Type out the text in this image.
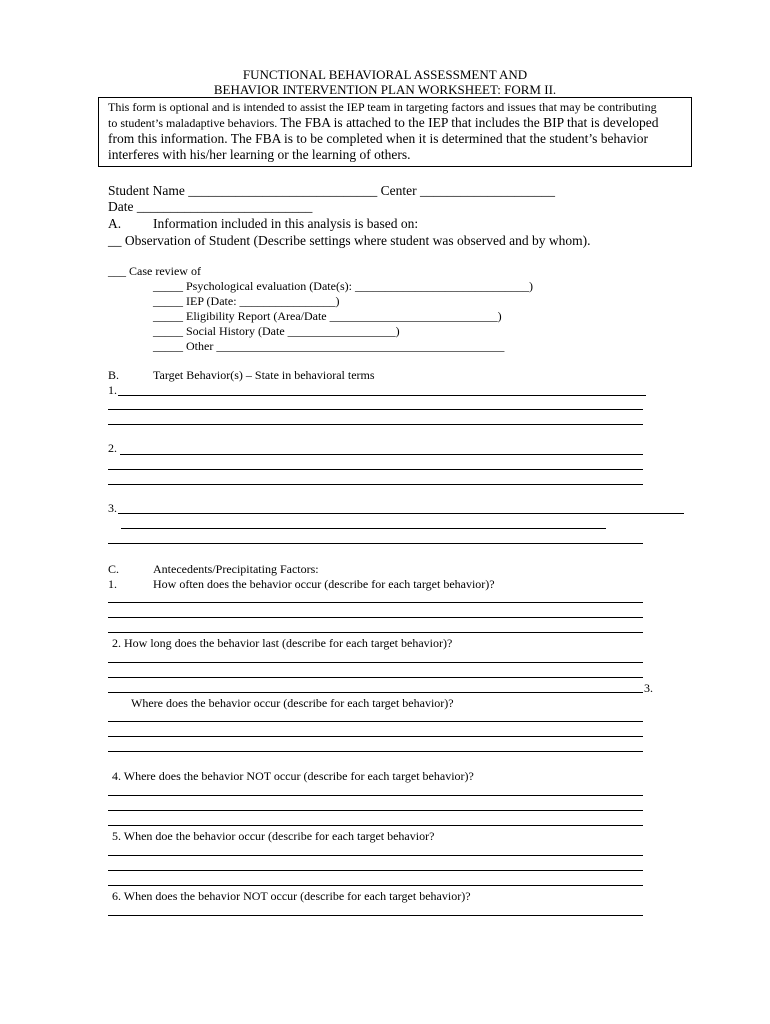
FUNCTIONAL BEHAVIORAL ASSESSMENT AND
BEHAVIOR INTERVENTION PLAN WORKSHEET: FORM II.
This form is optional and is intended to assist the IEP team in targeting factors and issues that may be contributing
to student’s maladaptive behaviors. The FBA is attached to the IEP that includes the BIP that is developed
from this information. The FBA is to be completed when it is determined that the student’s behavior
interferes with his/her learning or the learning of others.
Student Name ____________________________ Center ____________________
Date __________________________
A. Information included in this analysis is based on:
__ Observation of Student (Describe settings where student was observed and by whom).
___ Case review of
_____ Psychological evaluation (Date(s): _____________________________)
_____ IEP (Date: ________________)
_____ Eligibility Report (Area/Date ____________________________)
_____ Social History (Date __________________)
_____ Other ________________________________________________
B.	Target Behavior(s) – State in behavioral terms
1.
2.
3.
C.	Antecedents/Precipitating Factors:
1.	How often does the behavior occur (describe for each target behavior)?
2. How long does the behavior last (describe for each target behavior)?
3.
Where does the behavior occur (describe for each target behavior)?
4. Where does the behavior NOT occur (describe for each target behavior)?
5. When doe the behavior occur (describe for each target behavior?
6. When does the behavior NOT occur (describe for each target behavior)?
